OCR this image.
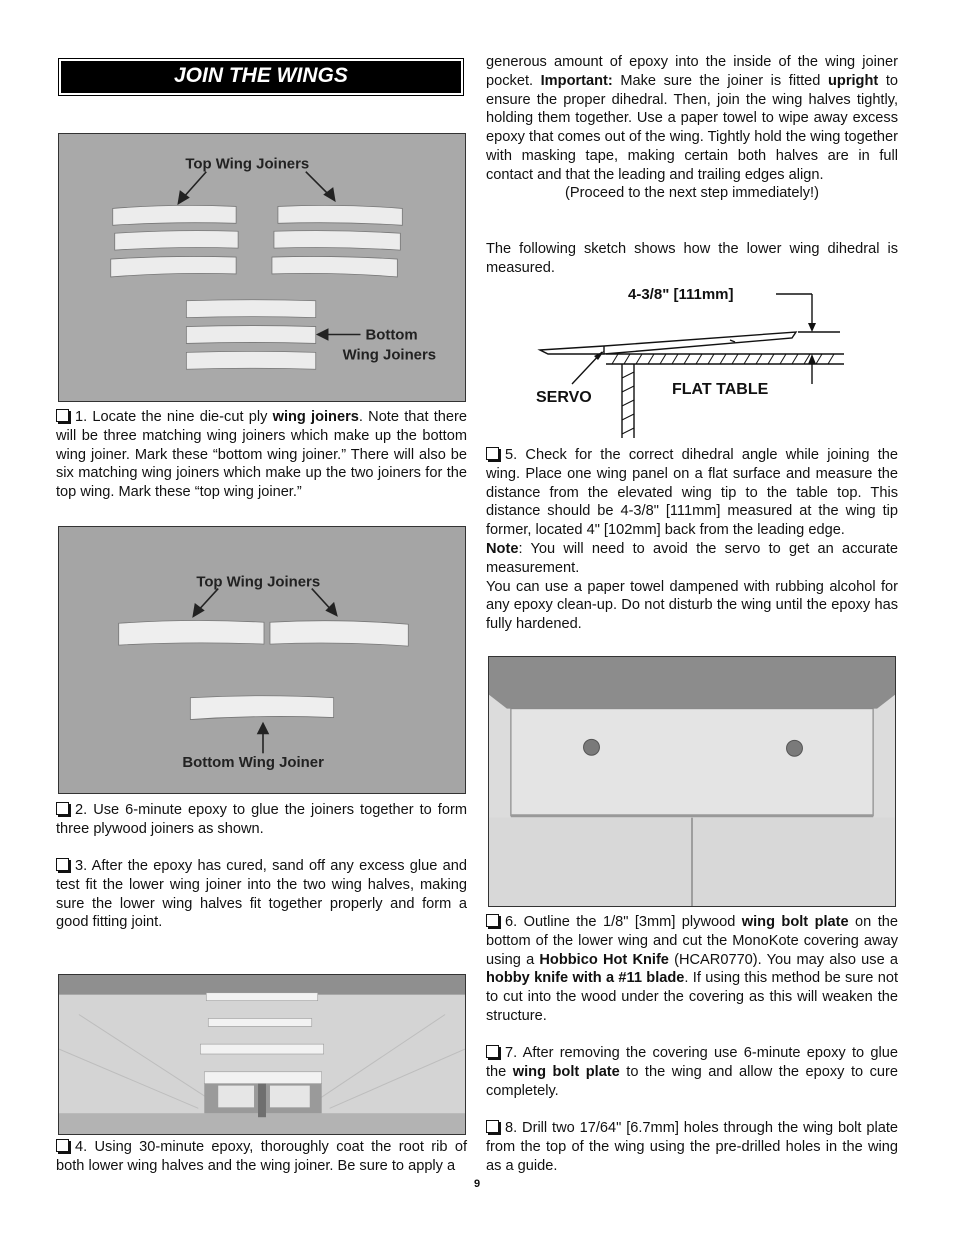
JOIN THE WINGS
Top Wing Joiners
Bottom
Wing Joiners

1. Locate the nine die-cut ply wing joiners. Note that there will be three matching wing joiners which make up the bottom wing joiner. Mark these “bottom wing joiner.” There will also be six matching wing joiners which make up the two joiners for the top wing. Mark these “top wing joiner.”

Top Wing Joiners
Bottom Wing Joiner

2. Use 6-minute epoxy to glue the joiners together to form three plywood joiners as shown.

3. After the epoxy has cured, sand off any excess glue and test fit the lower wing joiner into the two wing halves, making sure the lower wing halves fit together properly and form a good fitting joint.

4. Using 30-minute epoxy, thoroughly coat the root rib of both lower wing halves and the wing joiner. Be sure to apply a

generous amount of epoxy into the inside of the wing joiner pocket. Important: Make sure the joiner is fitted upright to ensure the proper dihedral. Then, join the wing halves tightly, holding them together. Use a paper towel to wipe away excess epoxy that comes out of the wing. Tightly hold the wing together with masking tape, making certain both halves are in full contact and that the leading and trailing edges align.

(Proceed to the next step immediately!)

The following sketch shows how the lower wing dihedral is measured.

4-3/8" [111mm]
SERVO	FLAT TABLE

5. Check for the correct dihedral angle while joining the wing. Place one wing panel on a flat surface and measure the distance from the elevated wing tip to the table top. This distance should be 4-3/8" [111mm] measured at the wing tip former, located 4" [102mm] back from the leading edge.
Note: You will need to avoid the servo to get an accurate measurement.
You can use a paper towel dampened with rubbing alcohol for any epoxy clean-up. Do not disturb the wing until the epoxy has fully hardened.

6. Outline the 1/8" [3mm] plywood wing bolt plate on the bottom of the lower wing and cut the MonoKote covering away using a Hobbico Hot Knife (HCAR0770). You may also use a hobby knife with a #11 blade. If using this method be sure not to cut into the wood under the covering as this will weaken the structure.

7. After removing the covering use 6-minute epoxy to glue the wing bolt plate to the wing and allow the epoxy to cure completely.

8. Drill two 17/64" [6.7mm] holes through the wing bolt plate from the top of the wing using the pre-drilled holes in the wing as a guide.

9
